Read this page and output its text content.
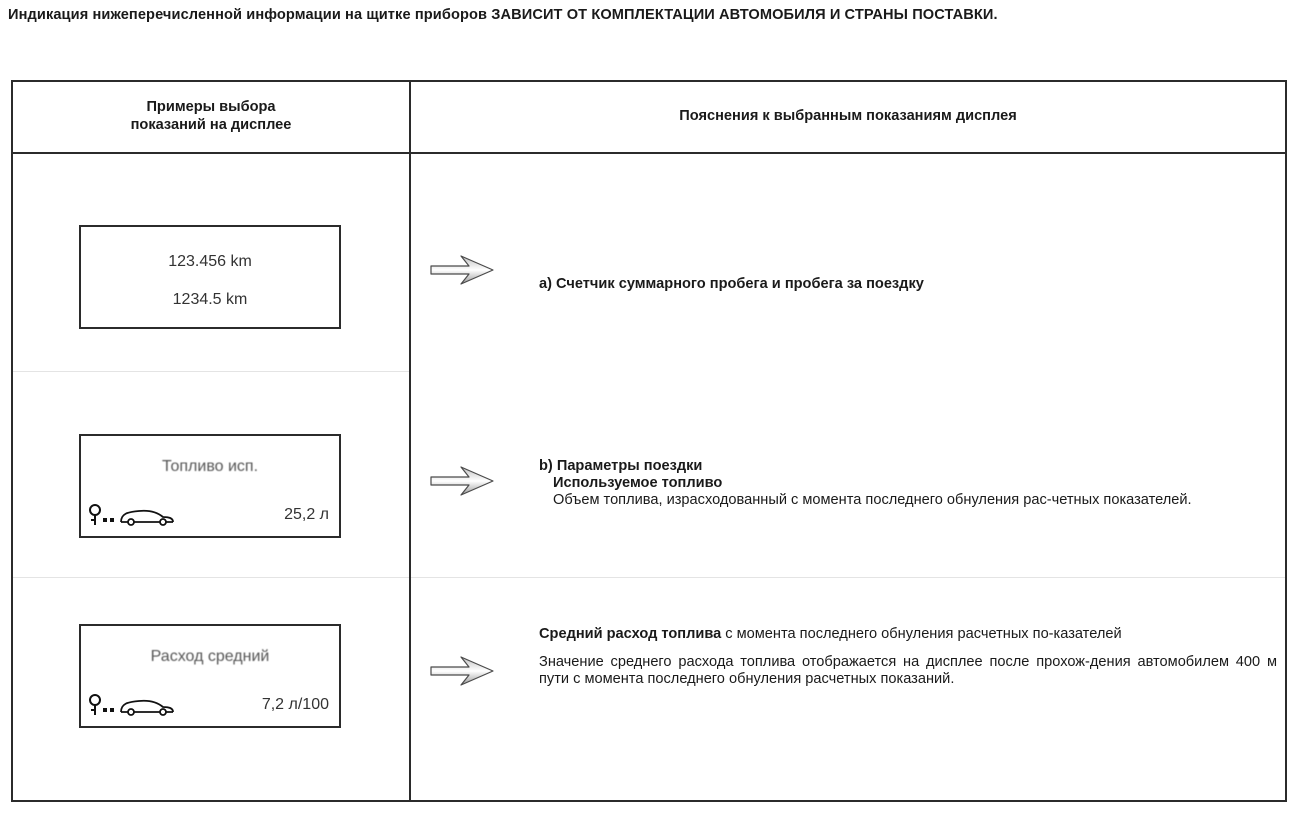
Индикация нижеперечисленной информации на щитке приборов ЗАВИСИТ ОТ КОМПЛЕКТАЦИИ АВТОМОБИЛЯ И СТРАНЫ ПОСТАВКИ.
Примеры выбора
показаний на дисплее
Пояснения к выбранным показаниям дисплея
123.456 km
1234.5 km
а) Счетчик суммарного пробега и пробега за поездку
Топливо исп.
25,2 л
b) Параметры поездки
Используемое топливо
Объем топлива, израсходованный с момента последнего обнуления рас-четных показателей.
Расход средний
7,2 л/100
Средний расход топлива с момента последнего обнуления расчетных по-казателей
Значение среднего расхода топлива отображается на дисплее после прохож-дения автомобилем 400 м пути с момента последнего обнуления расчетных показаний.
